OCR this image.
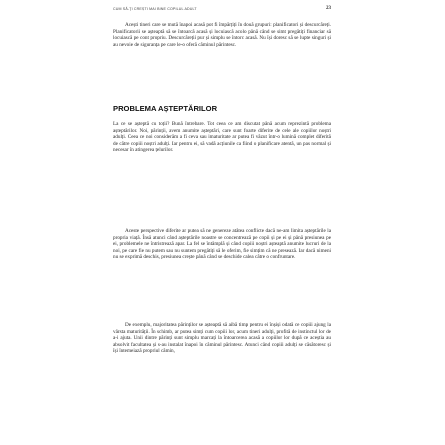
CUM SĂ-ŢI CREȘTI MAI BINE COPILUL ADULT	23

Acești tineri care se mută înapoi acasă pot fi împărțiți în două grupuri: planificatori și descurcăreți. Planificatorii se așteaptă să se întoarcă acasă și locuiască acolo până când se simt pregătiți financiar să locuiască pe cont propriu. Descurcăreții pur și simplu se întorc acasă. Nu își doresc să se lupte singuri și au nevoie de siguranța pe care le-o oferă căminul părintesc.

PROBLEMA AȘTEPTĂRILOR

La ce se așteptă cu toții? Bună întrebare. Tot ceea ce am discutat până acum reprezintă problema așteptărilor. Noi, părinții, avem anumite așteptări, care sunt foarte diferite de cele ale copiilor noștri adulți. Ceea ce noi considerăm a fi ceva sau imaturitate ar putea fi văzut într-o lumină complet diferită de către copiii noștri adulți. Iar pentru ei, să vadă acțiunile ca fiind o planificare atentă, un pas normal și necesar în atingerea țelurilor.

Aceste perspective diferite ar putea să ne genereze atâtea conflicte dacă ne-am limita așteptările la propria viață. Însă atunci când așteptările noastre se concentrează pe copii și pe ei și până presiunea pe ei, problemele ne întristrează apar. La fel se întâmplă și când copiii noștri așteaptă anumite lucruri de la noi, pe care fie nu putem sau nu suntem pregătiți să le oferim, fie simțim că ne presează. Iar dacă nimeni nu se exprimă deschis, presiunea crește până când se deschide calea către o confruntare.

De exemplu, majoritatea părinților se așteaptă să aibă timp pentru ei înșiși odată ce copiii ajung la vârsta maturității. În schimb, ar putea simți cum copiii lor, acum tineri adulți, profită de instinctul lor de a-i ajuta. Unii dintre părinți sunt simplu marcați la întoarcerea acasă a copiilor lor după ce aceștia au absolvit facultatea și s-au instalat înapoi în căminul părintesc. Atunci când copiii adulți se căsătoresc și își întemeiază propriul cămin,
